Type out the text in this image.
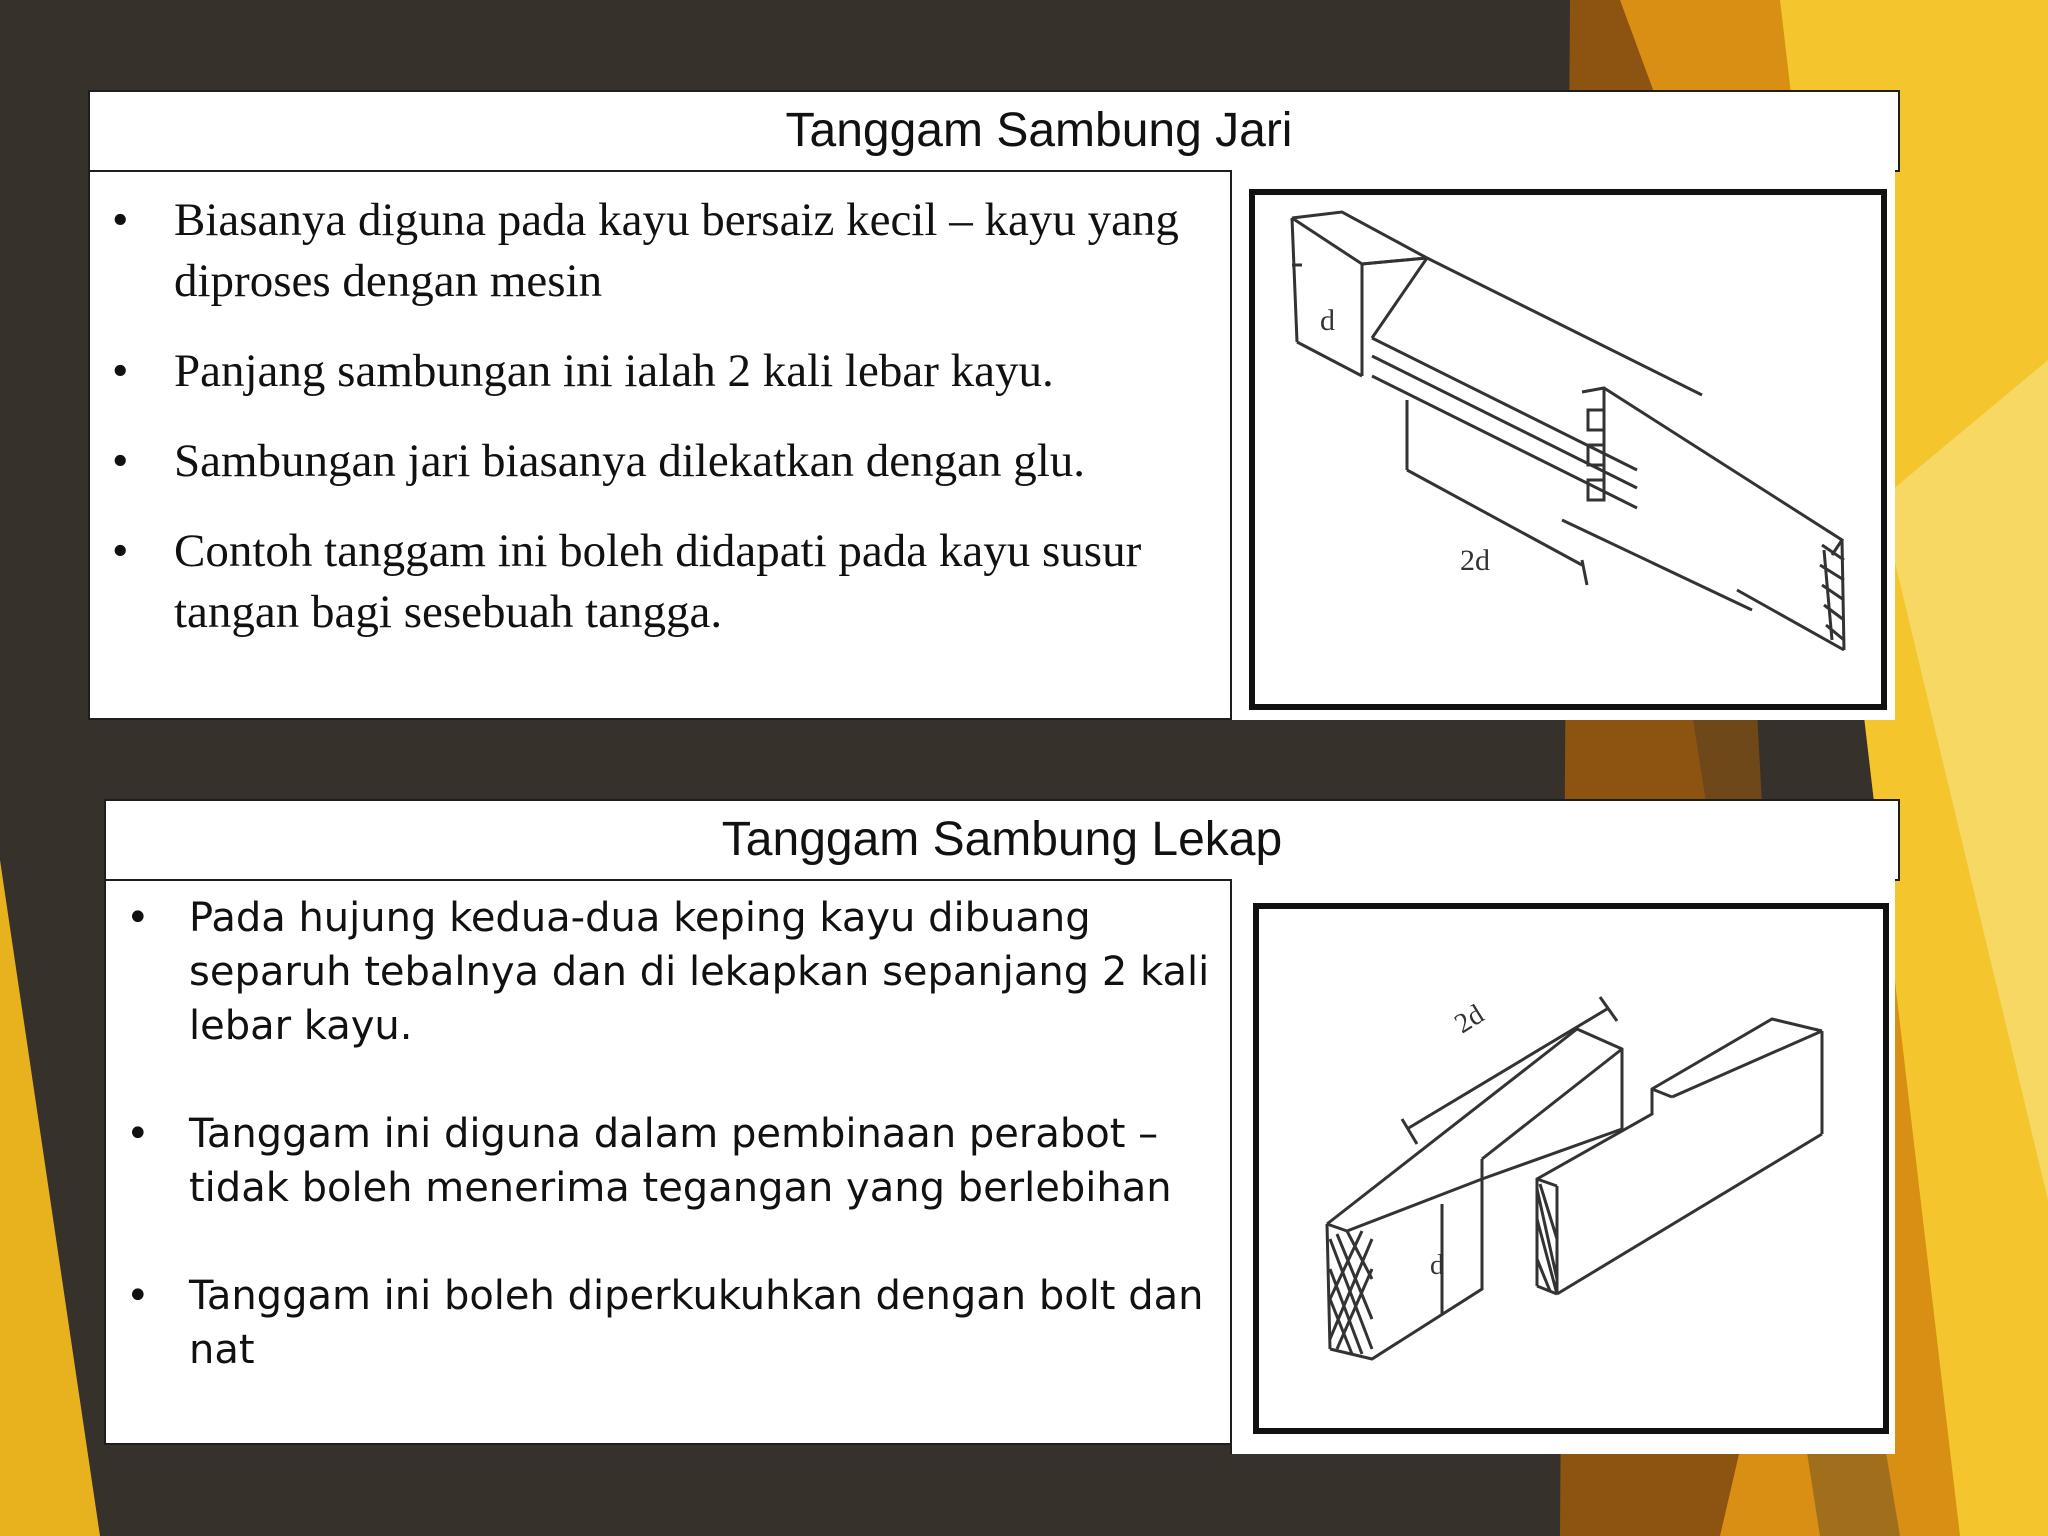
Tanggam Sambung Jari
• Biasanya diguna pada kayu bersaiz kecil – kayu yang diproses dengan mesin
• Panjang sambungan ini ialah 2 kali lebar kayu.
• Sambungan jari biasanya dilekatkan dengan glu.
• Contoh tanggam ini boleh didapati pada kayu susur tangan bagi sesebuah tangga.
d
2d
Tanggam Sambung Lekap
• Pada hujung kedua-dua keping kayu dibuang separuh tebalnya dan di lekapkan sepanjang 2 kali lebar kayu.
• Tanggam ini diguna dalam pembinaan perabot – tidak boleh menerima tegangan yang berlebihan
• Tanggam ini boleh diperkukuhkan dengan bolt dan nat
2d
d
